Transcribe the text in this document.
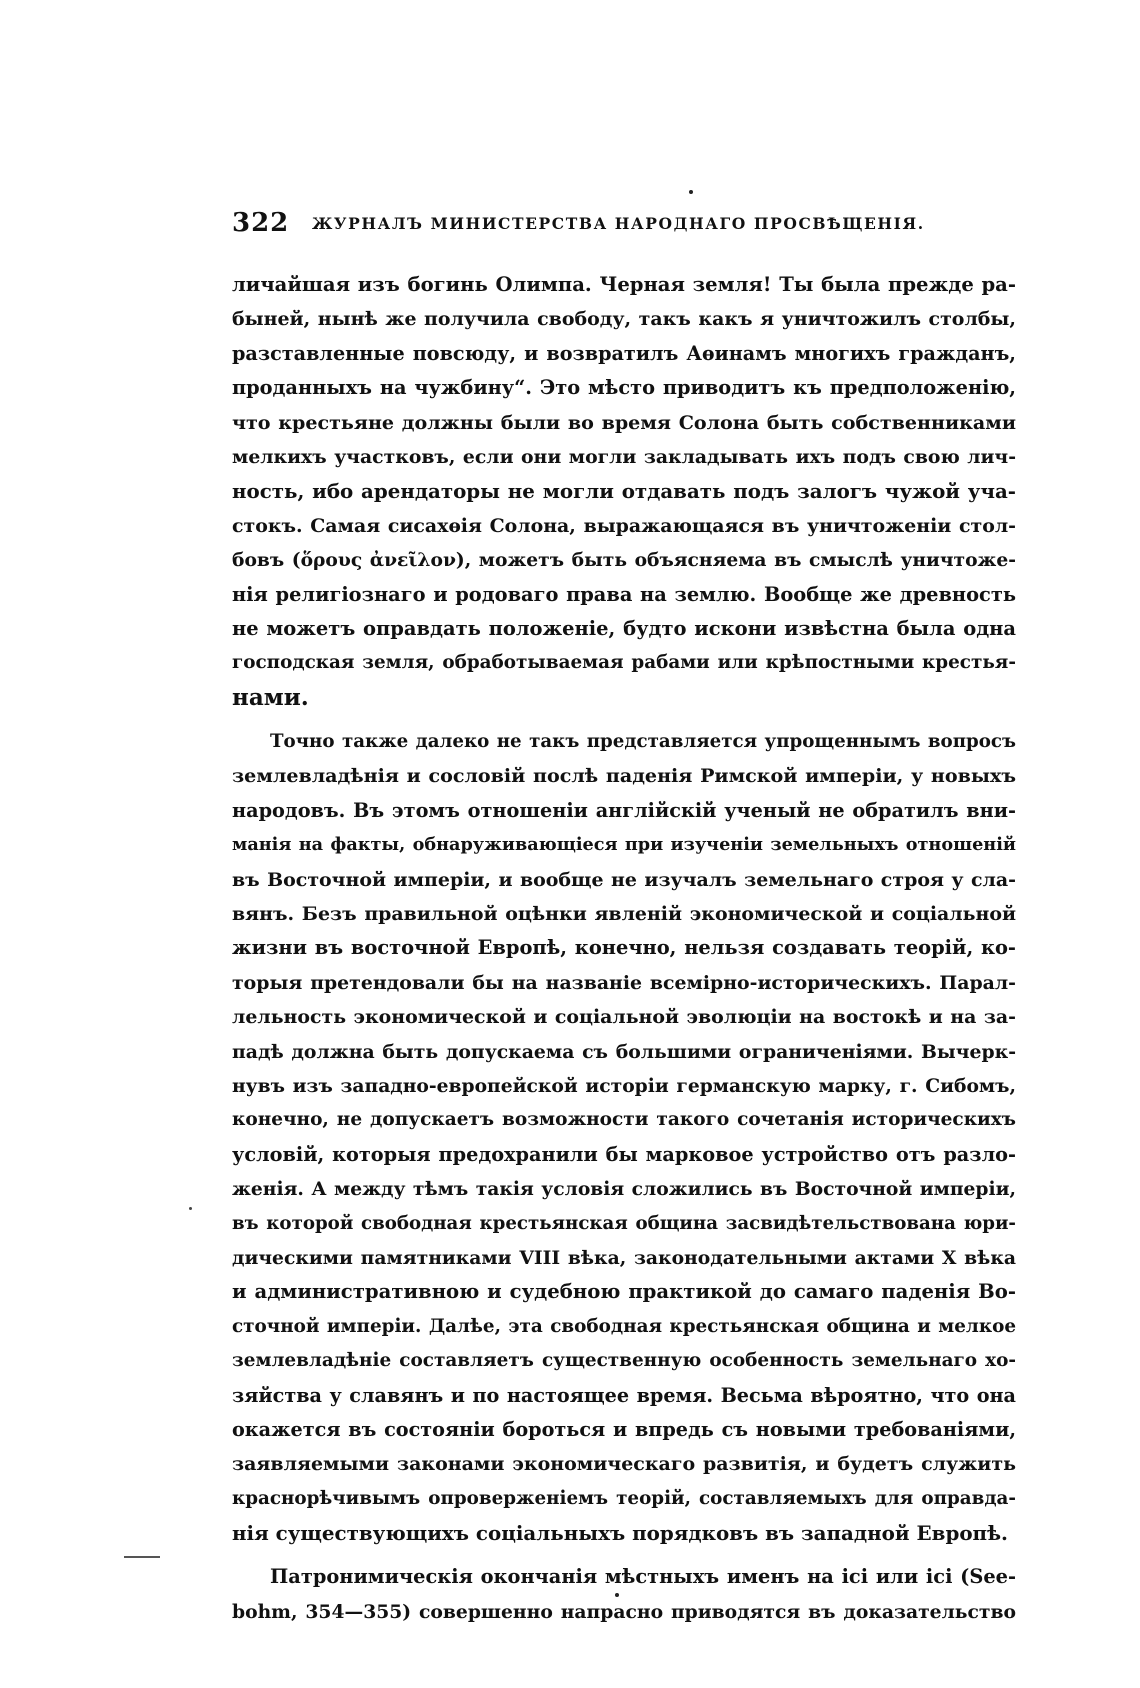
322 ЖУРНАЛЪ МИНИСТЕРСТВА НАРОДНАГО ПРОСВѢЩЕНІЯ.
личайшая изъ богинь Олимпа. Черная земля! Ты была прежде ра-
быней, нынѣ же получила свободу, такъ какъ я уничтожилъ столбы,
разставленные повсюду, и возвратилъ Аѳинамъ многихъ гражданъ,
проданныхъ на чужбину“. Это мѣсто приводитъ къ предположенію,
что крестьяне должны были во время Солона быть собственниками
мелкихъ участковъ, если они могли закладывать ихъ подъ свою лич-
ность, ибо арендаторы не могли отдавать подъ залогъ чужой уча-
стокъ. Самая сисахѳія Солона, выражающаяся въ уничтоженіи стол-
бовъ (ὅρους ἀνεῖλον), можетъ быть объясняема въ смыслѣ уничтоже-
нія религіознаго и родоваго права на землю. Вообще же древность
не можетъ оправдать положеніе, будто искони извѣстна была одна
господская земля, обработываемая рабами или крѣпостными крестья-
нами.
Точно также далеко не такъ представляется упрощеннымъ вопросъ
землевладѣнія и сословій послѣ паденія Римской имперіи, у новыхъ
народовъ. Въ этомъ отношеніи англійскій ученый не обратилъ вни-
манія на факты, обнаруживающіеся при изученіи земельныхъ отношеній
въ Восточной имперіи, и вообще не изучалъ земельнаго строя у сла-
вянъ. Безъ правильной оцѣнки явленій экономической и соціальной
жизни въ восточной Европѣ, конечно, нельзя создавать теорій, ко-
торыя претендовали бы на названіе всемірно-историческихъ. Парал-
лельность экономической и соціальной эволюціи на востокѣ и на за-
падѣ должна быть допускаема съ большими ограниченіями. Вычерк-
нувъ изъ западно-европейской исторіи германскую марку, г. Сибомъ,
конечно, не допускаетъ возможности такого сочетанія историческихъ
условій, которыя предохранили бы марковое устройство отъ разло-
женія. А между тѣмъ такія условія сложились въ Восточной имперіи,
въ которой свободная крестьянская община засвидѣтельствована юри-
дическими памятниками VIII вѣка, законодательными актами X вѣка
и административною и судебною практикой до самаго паденія Во-
сточной имперіи. Далѣе, эта свободная крестьянская община и мелкое
землевладѣніе составляетъ существенную особенность земельнаго хо-
зяйства у славянъ и по настоящее время. Весьма вѣроятно, что она
окажется въ состояніи бороться и впредь съ новыми требованіями,
заявляемыми законами экономическаго развитія, и будетъ служить
краснорѣчивымъ опроверженіемъ теорій, составляемыхъ для оправда-
нія существующихъ соціальныхъ порядковъ въ западной Европѣ.
Патронимическія окончанія мѣстныхъ именъ на ici или ici (See-
bohm, 354—355) совершенно напрасно приводятся въ доказательство
